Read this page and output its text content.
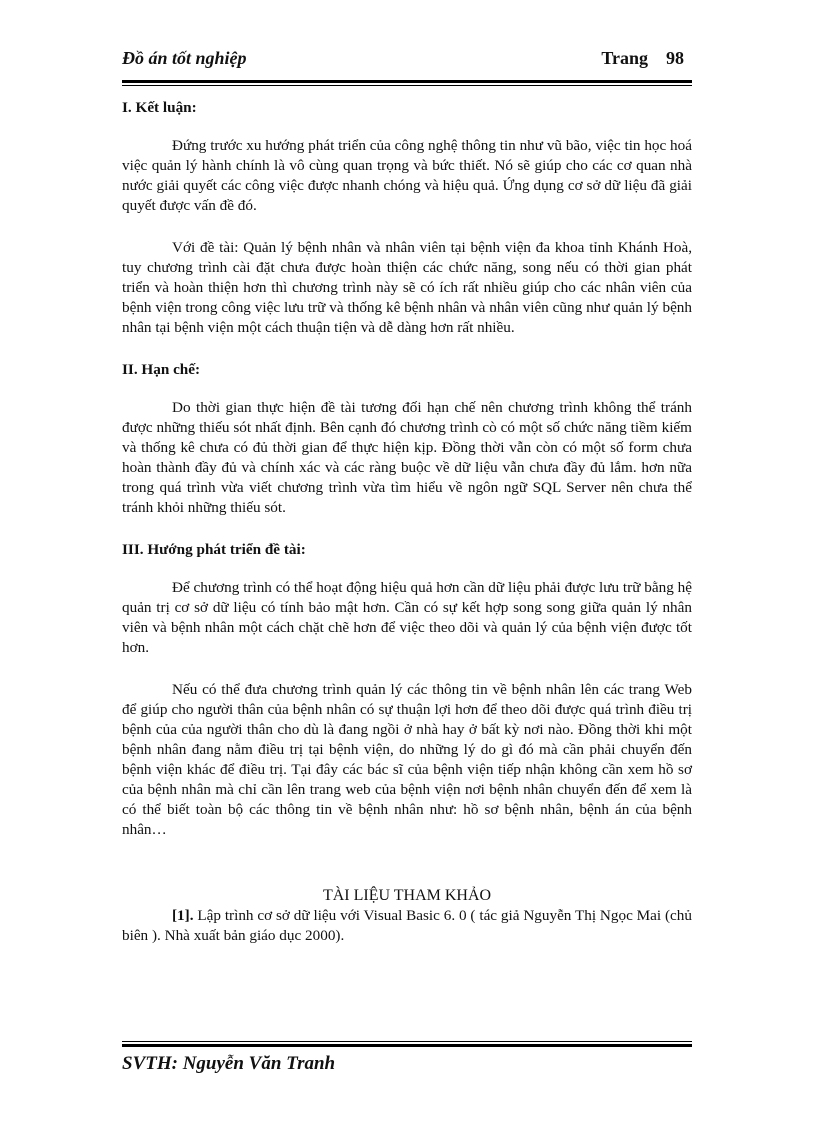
Đồ án tốt nghiệp	Trang 98

I. Kết luận:

Đứng trước xu hướng phát triển của công nghệ thông tin như vũ bão, việc tin học hoá việc quản lý hành chính là vô cùng quan trọng và bức thiết. Nó sẽ giúp cho các cơ quan nhà nước giải quyết các công việc được nhanh chóng và hiệu quả. Ứng dụng cơ sở dữ liệu đã giải quyết được vấn đề đó.

Với đề tài: Quản lý bệnh nhân và nhân viên tại bệnh viện đa khoa tỉnh Khánh Hoà, tuy chương trình cài đặt chưa được hoàn thiện các chức năng, song nếu có thời gian phát triển và hoàn thiện hơn thì chương trình này sẽ có ích rất nhiều giúp cho các nhân viên của bệnh viện trong công việc lưu trữ và thống kê bệnh nhân và nhân viên cũng như quản lý bệnh nhân tại bệnh viện một cách thuận tiện và dễ dàng hơn rất nhiều.

II. Hạn chế:

Do thời gian thực hiện đề tài tương đối hạn chế nên chương trình không thể tránh được những thiếu sót nhất định. Bên cạnh đó chương trình cò có một số chức năng tiềm kiếm và thống kê chưa có đủ thời gian để thực hiện kịp. Đồng thời vẫn còn có một số form chưa hoàn thành đầy đủ và chính xác và các ràng buộc về dữ liệu vẫn chưa đầy đủ lắm. hơn nữa trong quá trình vừa viết chương trình vừa tìm hiểu về ngôn ngữ SQL Server nên chưa thể tránh khỏi những thiếu sót.

III. Hướng phát triển đề tài:

Để chương trình có thể hoạt động hiệu quả hơn cần dữ liệu phải được lưu trữ bằng hệ quản trị cơ sở dữ liệu có tính bảo mật hơn. Cần có sự kết hợp song song giữa quản lý nhân viên và bệnh nhân một cách chặt chẽ hơn để việc theo dõi và quản lý của bệnh viện được tốt hơn.

Nếu có thể đưa chương trình quản lý các thông tin về bệnh nhân lên các trang Web để giúp cho người thân của bệnh nhân có sự thuận lợi hơn để theo dõi được quá trình điều trị bệnh của của người thân cho dù là đang ngồi ở nhà hay ở bất kỳ nơi nào. Đồng thời khi một bệnh nhân đang nằm điều trị tại bệnh viện, do những lý do gì đó mà cần phải chuyển đến bệnh viện khác để điều trị. Tại đây các bác sĩ của bệnh viện tiếp nhận không cần xem hồ sơ của bệnh nhân mà chỉ cần lên trang web của bệnh viện nơi bệnh nhân chuyển đến để xem là có thể biết toàn bộ các thông tin về bệnh nhân như: hồ sơ bệnh nhân, bệnh án của bệnh nhân…

TÀI LIỆU THAM KHẢO

[1]. Lập trình cơ sở dữ liệu với Visual Basic 6. 0 ( tác giả Nguyễn Thị Ngọc Mai (chủ biên ). Nhà xuất bản giáo dục 2000).

SVTH: Nguyễn Văn Tranh
